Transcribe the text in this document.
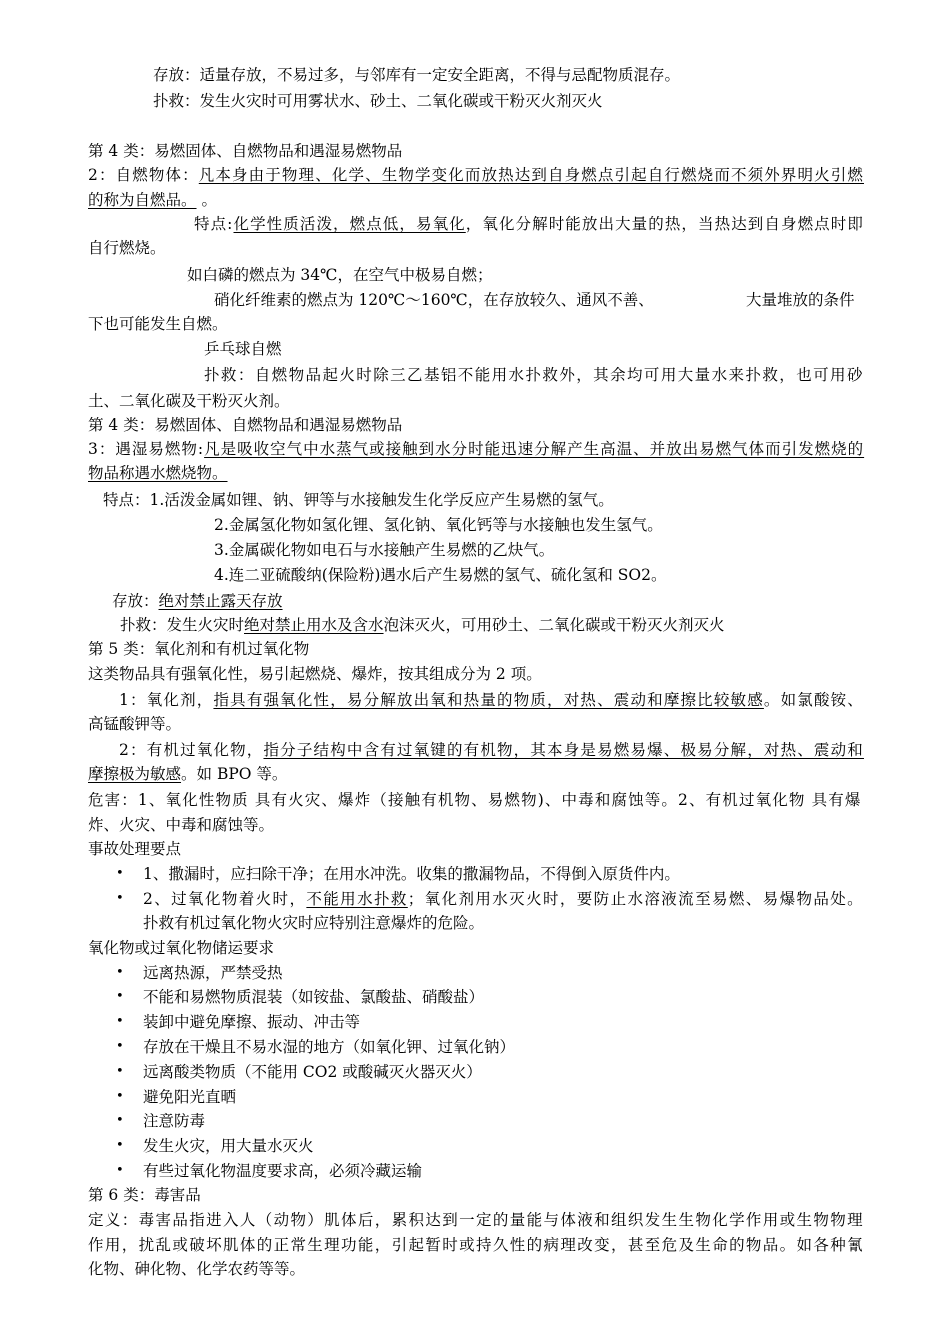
存放：适量存放，不易过多，与邻库有一定安全距离，不得与忌配物质混存。
扑救：发生火灾时可用雾状水、砂土、二氧化碳或干粉灭火剂灭火
第 4 类：易燃固体、自燃物品和遇湿易燃物品
2：自燃物体：凡本身由于物理、化学、生物学变化而放热达到自身燃点引起自行燃烧而不须外界明火引燃
的称为自燃品。 。
特点:化学性质活泼，燃点低，易氧化，氧化分解时能放出大量的热，当热达到自身燃点时即
自行燃烧。
如白磷的燃点为 34℃，在空气中极易自燃；
硝化纤维素的燃点为 120℃～160℃，在存放较久、通风不善、	大量堆放的条件
下也可能发生自燃。
乒乓球自燃
扑救：自燃物品起火时除三乙基铝不能用水扑救外，其余均可用大量水来扑救，也可用砂
土、二氧化碳及干粉灭火剂。
第 4 类：易燃固体、自燃物品和遇湿易燃物品
3：遇湿易燃物:凡是吸收空气中水蒸气或接触到水分时能迅速分解产生高温、并放出易燃气体而引发燃烧的
物品称遇水燃烧物。
特点：1.活泼金属如锂、钠、钾等与水接触发生化学反应产生易燃的氢气。
2.金属氢化物如氢化锂、氢化钠、氧化钙等与水接触也发生氢气。
3.金属碳化物如电石与水接触产生易燃的乙炔气。
4.连二亚硫酸纳(保险粉)遇水后产生易燃的氢气、硫化氢和 SO2。
存放：绝对禁止露天存放
扑救：发生火灾时绝对禁止用水及含水泡沫灭火，可用砂土、二氧化碳或干粉灭火剂灭火
第 5 类：氧化剂和有机过氧化物
这类物品具有强氧化性，易引起燃烧、爆炸，按其组成分为 2 项。
1：氧化剂，指具有强氧化性，易分解放出氧和热量的物质，对热、震动和摩擦比较敏感。如氯酸铵、
高锰酸钾等。
2：有机过氧化物，指分子结构中含有过氧键的有机物，其本身是易燃易爆、极易分解，对热、震动和
摩擦极为敏感。如 BPO 等。
危害：1、氧化性物质 具有火灾、爆炸（接触有机物、易燃物)、中毒和腐蚀等。2、有机过氧化物 具有爆
炸、火灾、中毒和腐蚀等。
事故处理要点
1、撒漏时，应扫除干净；在用水冲洗。收集的撒漏物品，不得倒入原货件内。
•
2、过氧化物着火时，不能用水扑救；氧化剂用水灭火时，要防止水溶液流至易燃、易爆物品处。
•
扑救有机过氧化物火灾时应特别注意爆炸的危险。
氧化物或过氧化物储运要求
远离热源，严禁受热
•
不能和易燃物质混装（如铵盐、氯酸盐、硝酸盐）
•
装卸中避免摩擦、振动、冲击等
•
存放在干燥且不易水湿的地方（如氧化钾、过氧化钠）
•
远离酸类物质（不能用 CO2 或酸碱灭火器灭火）
•
避免阳光直晒
•
注意防毒
•
发生火灾，用大量水灭火
•
有些过氧化物温度要求高，必须冷藏运输
•
第 6 类：毒害品
定义：毒害品指进入人（动物）肌体后，累积达到一定的量能与体液和组织发生生物化学作用或生物物理
作用，扰乱或破坏肌体的正常生理功能，引起暂时或持久性的病理改变，甚至危及生命的物品。如各种氰
化物、砷化物、化学农药等等。
